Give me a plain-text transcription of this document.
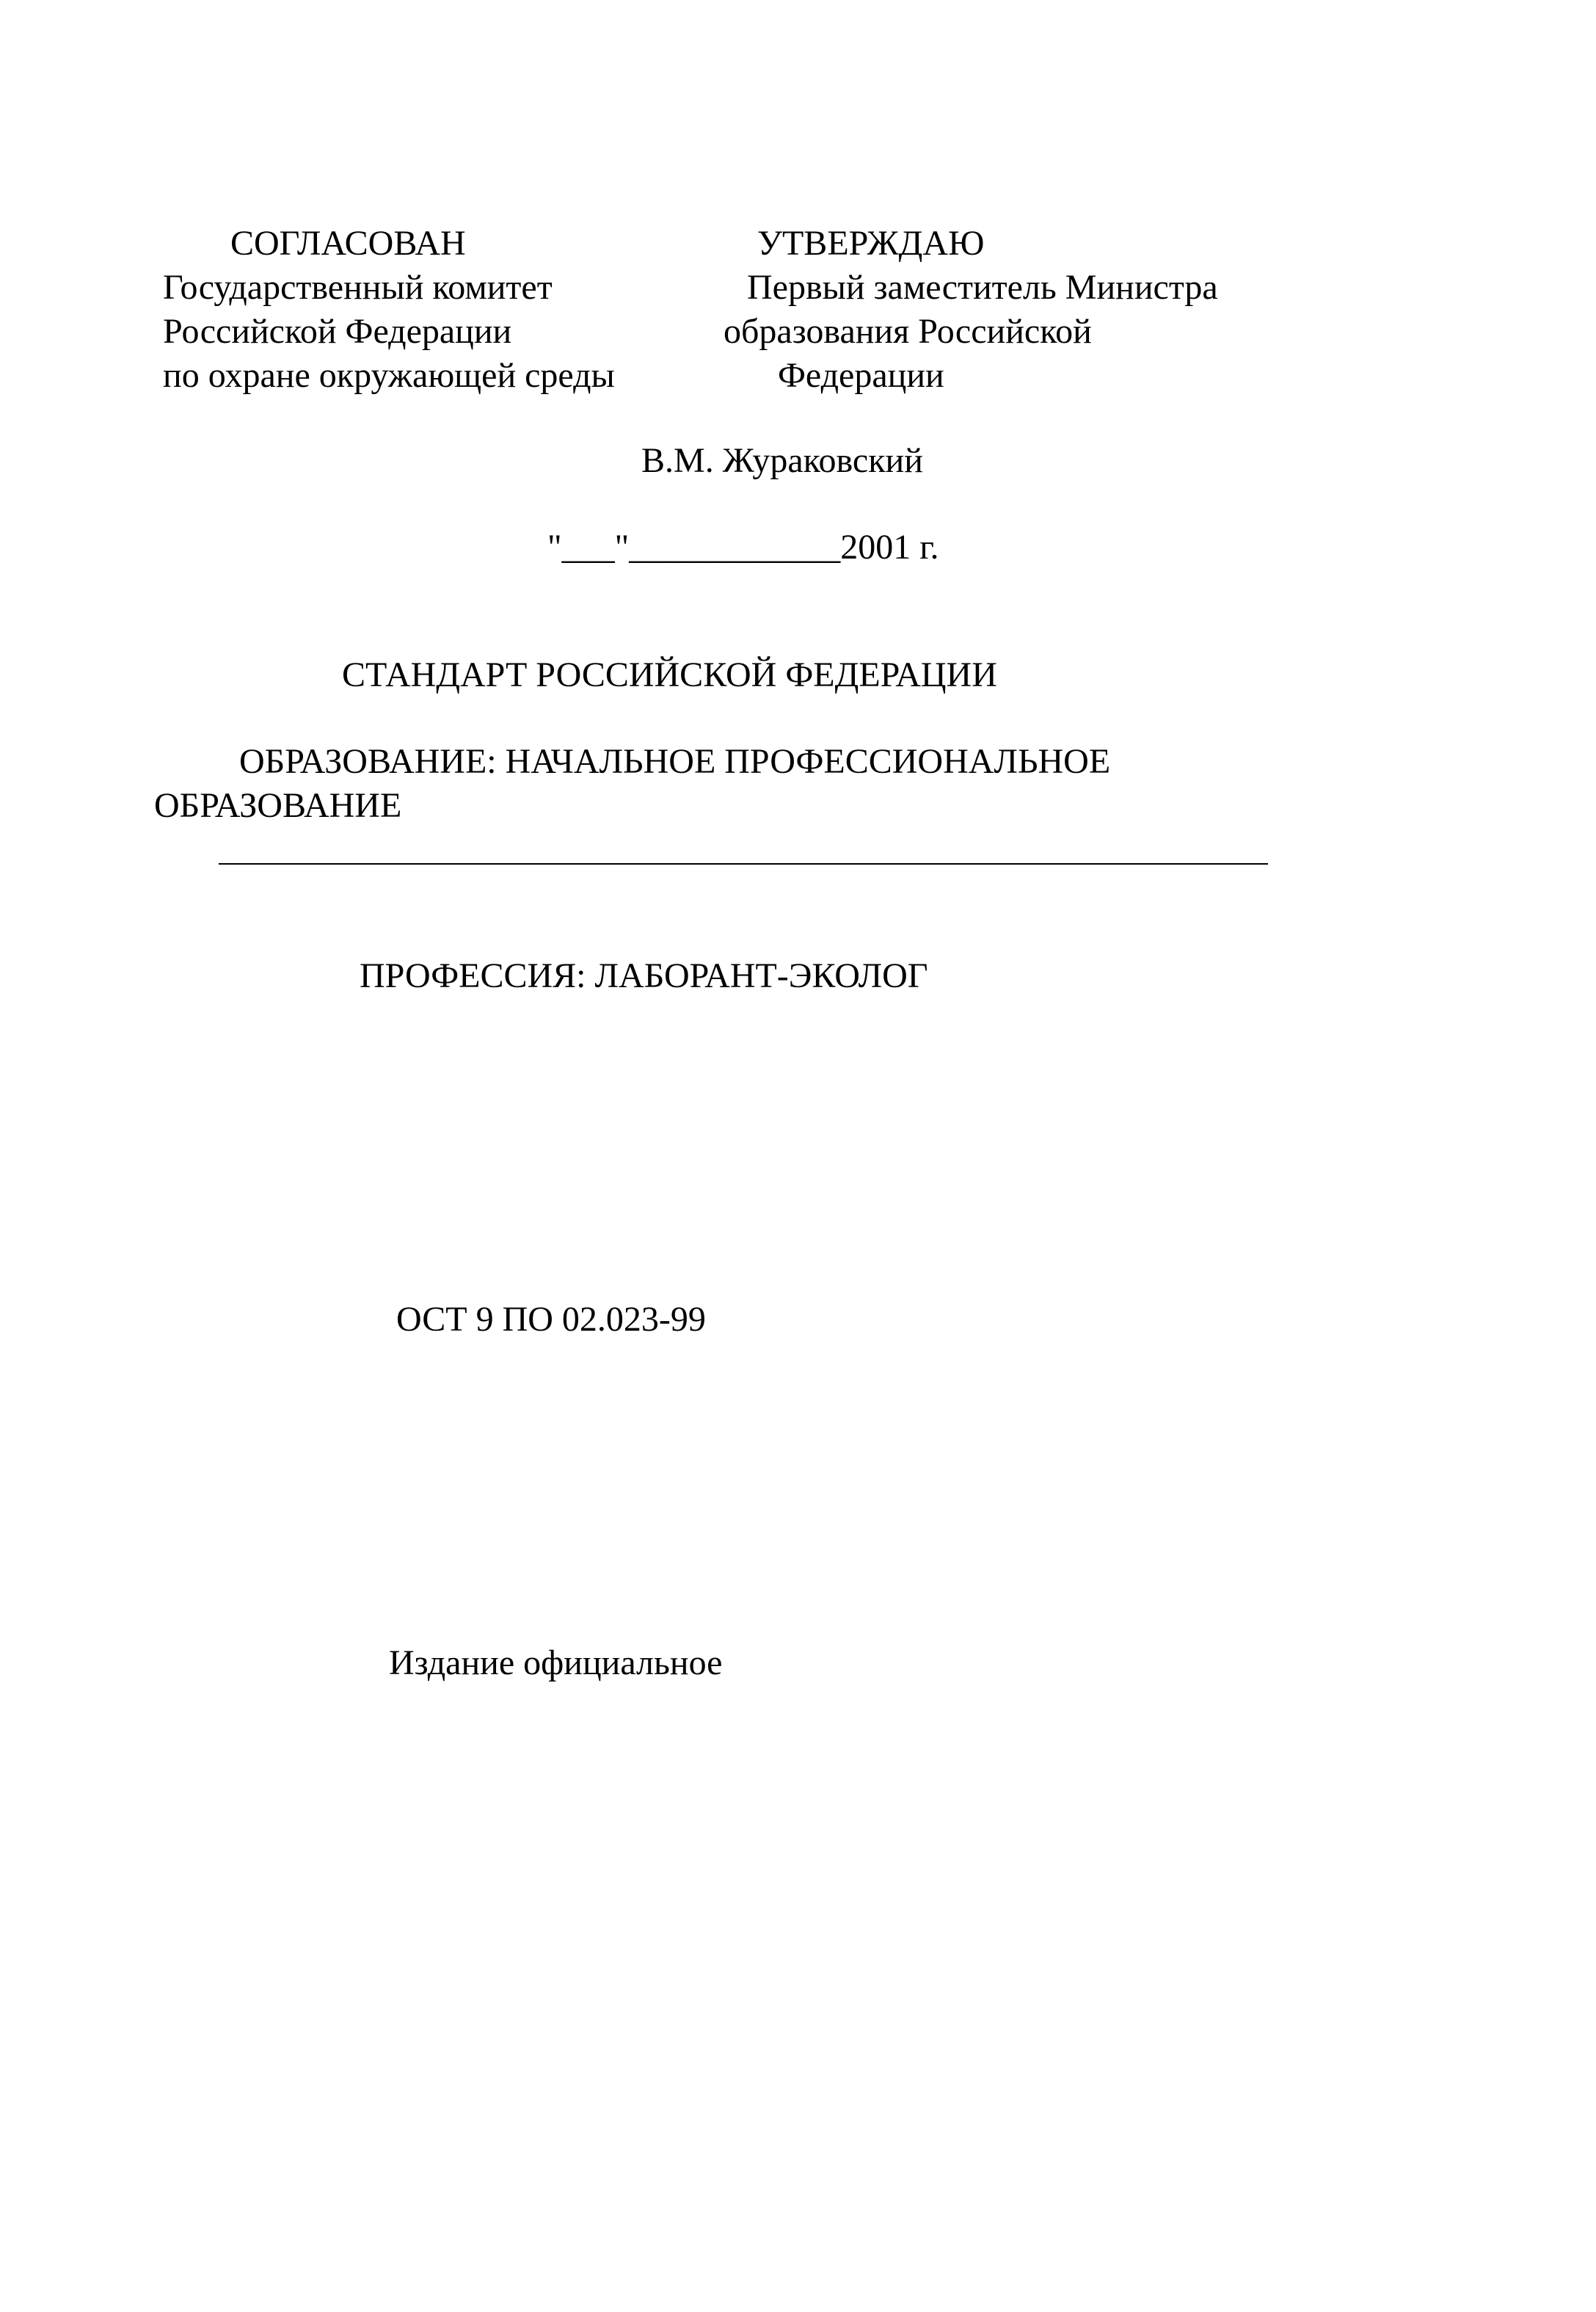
СОГЛАСОВАН

Государственный комитет

Российской Федерации

по охране окружающей среды

УТВЕРЖДАЮ

Первый заместитель Министра

образования Российской

Федерации

В.М. Жураковский

"___"____________2001 г.

СТАНДАРТ РОССИЙСКОЙ ФЕДЕРАЦИИ

ОБРАЗОВАНИЕ: НАЧАЛЬНОЕ ПРОФЕССИОНАЛЬНОЕ

ОБРАЗОВАНИЕ

ПРОФЕССИЯ: ЛАБОРАНТ-ЭКОЛОГ

ОСТ 9 ПО 02.023-99

Издание официальное
